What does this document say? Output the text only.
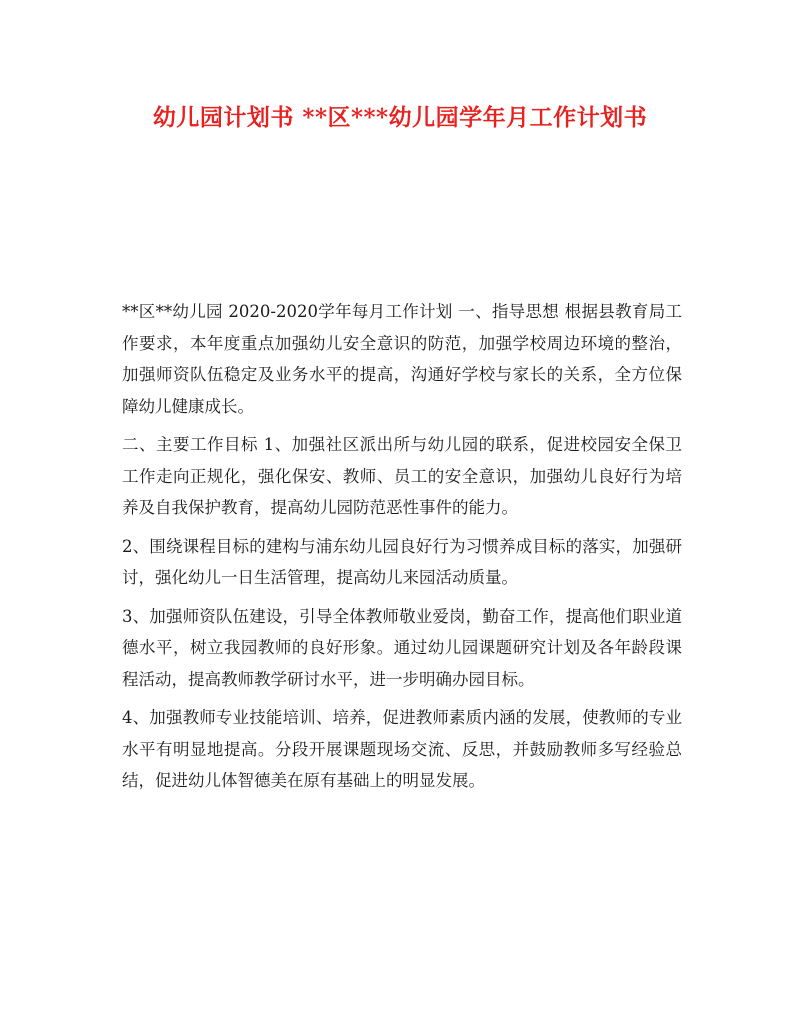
幼儿园计划书 **区***幼儿园学年月工作计划书

**区**幼儿园 2020-2020学年每月工作计划 一、指导思想 根据县教育局工作要求，本年度重点加强幼儿安全意识的防范，加强学校周边环境的整治，加强师资队伍稳定及业务水平的提高，沟通好学校与家长的关系，全方位保障幼儿健康成长。

二、主要工作目标 1、加强社区派出所与幼儿园的联系，促进校园安全保卫工作走向正规化，强化保安、教师、员工的安全意识，加强幼儿良好行为培养及自我保护教育，提高幼儿园防范恶性事件的能力。

2、围绕课程目标的建构与浦东幼儿园良好行为习惯养成目标的落实，加强研讨，强化幼儿一日生活管理，提高幼儿来园活动质量。

3、加强师资队伍建设，引导全体教师敬业爱岗，勤奋工作，提高他们职业道德水平，树立我园教师的良好形象。通过幼儿园课题研究计划及各年龄段课程活动，提高教师教学研讨水平，进一步明确办园目标。

4、加强教师专业技能培训、培养，促进教师素质内涵的发展，使教师的专业水平有明显地提高。分段开展课题现场交流、反思，并鼓励教师多写经验总结，促进幼儿体智德美在原有基础上的明显发展。
